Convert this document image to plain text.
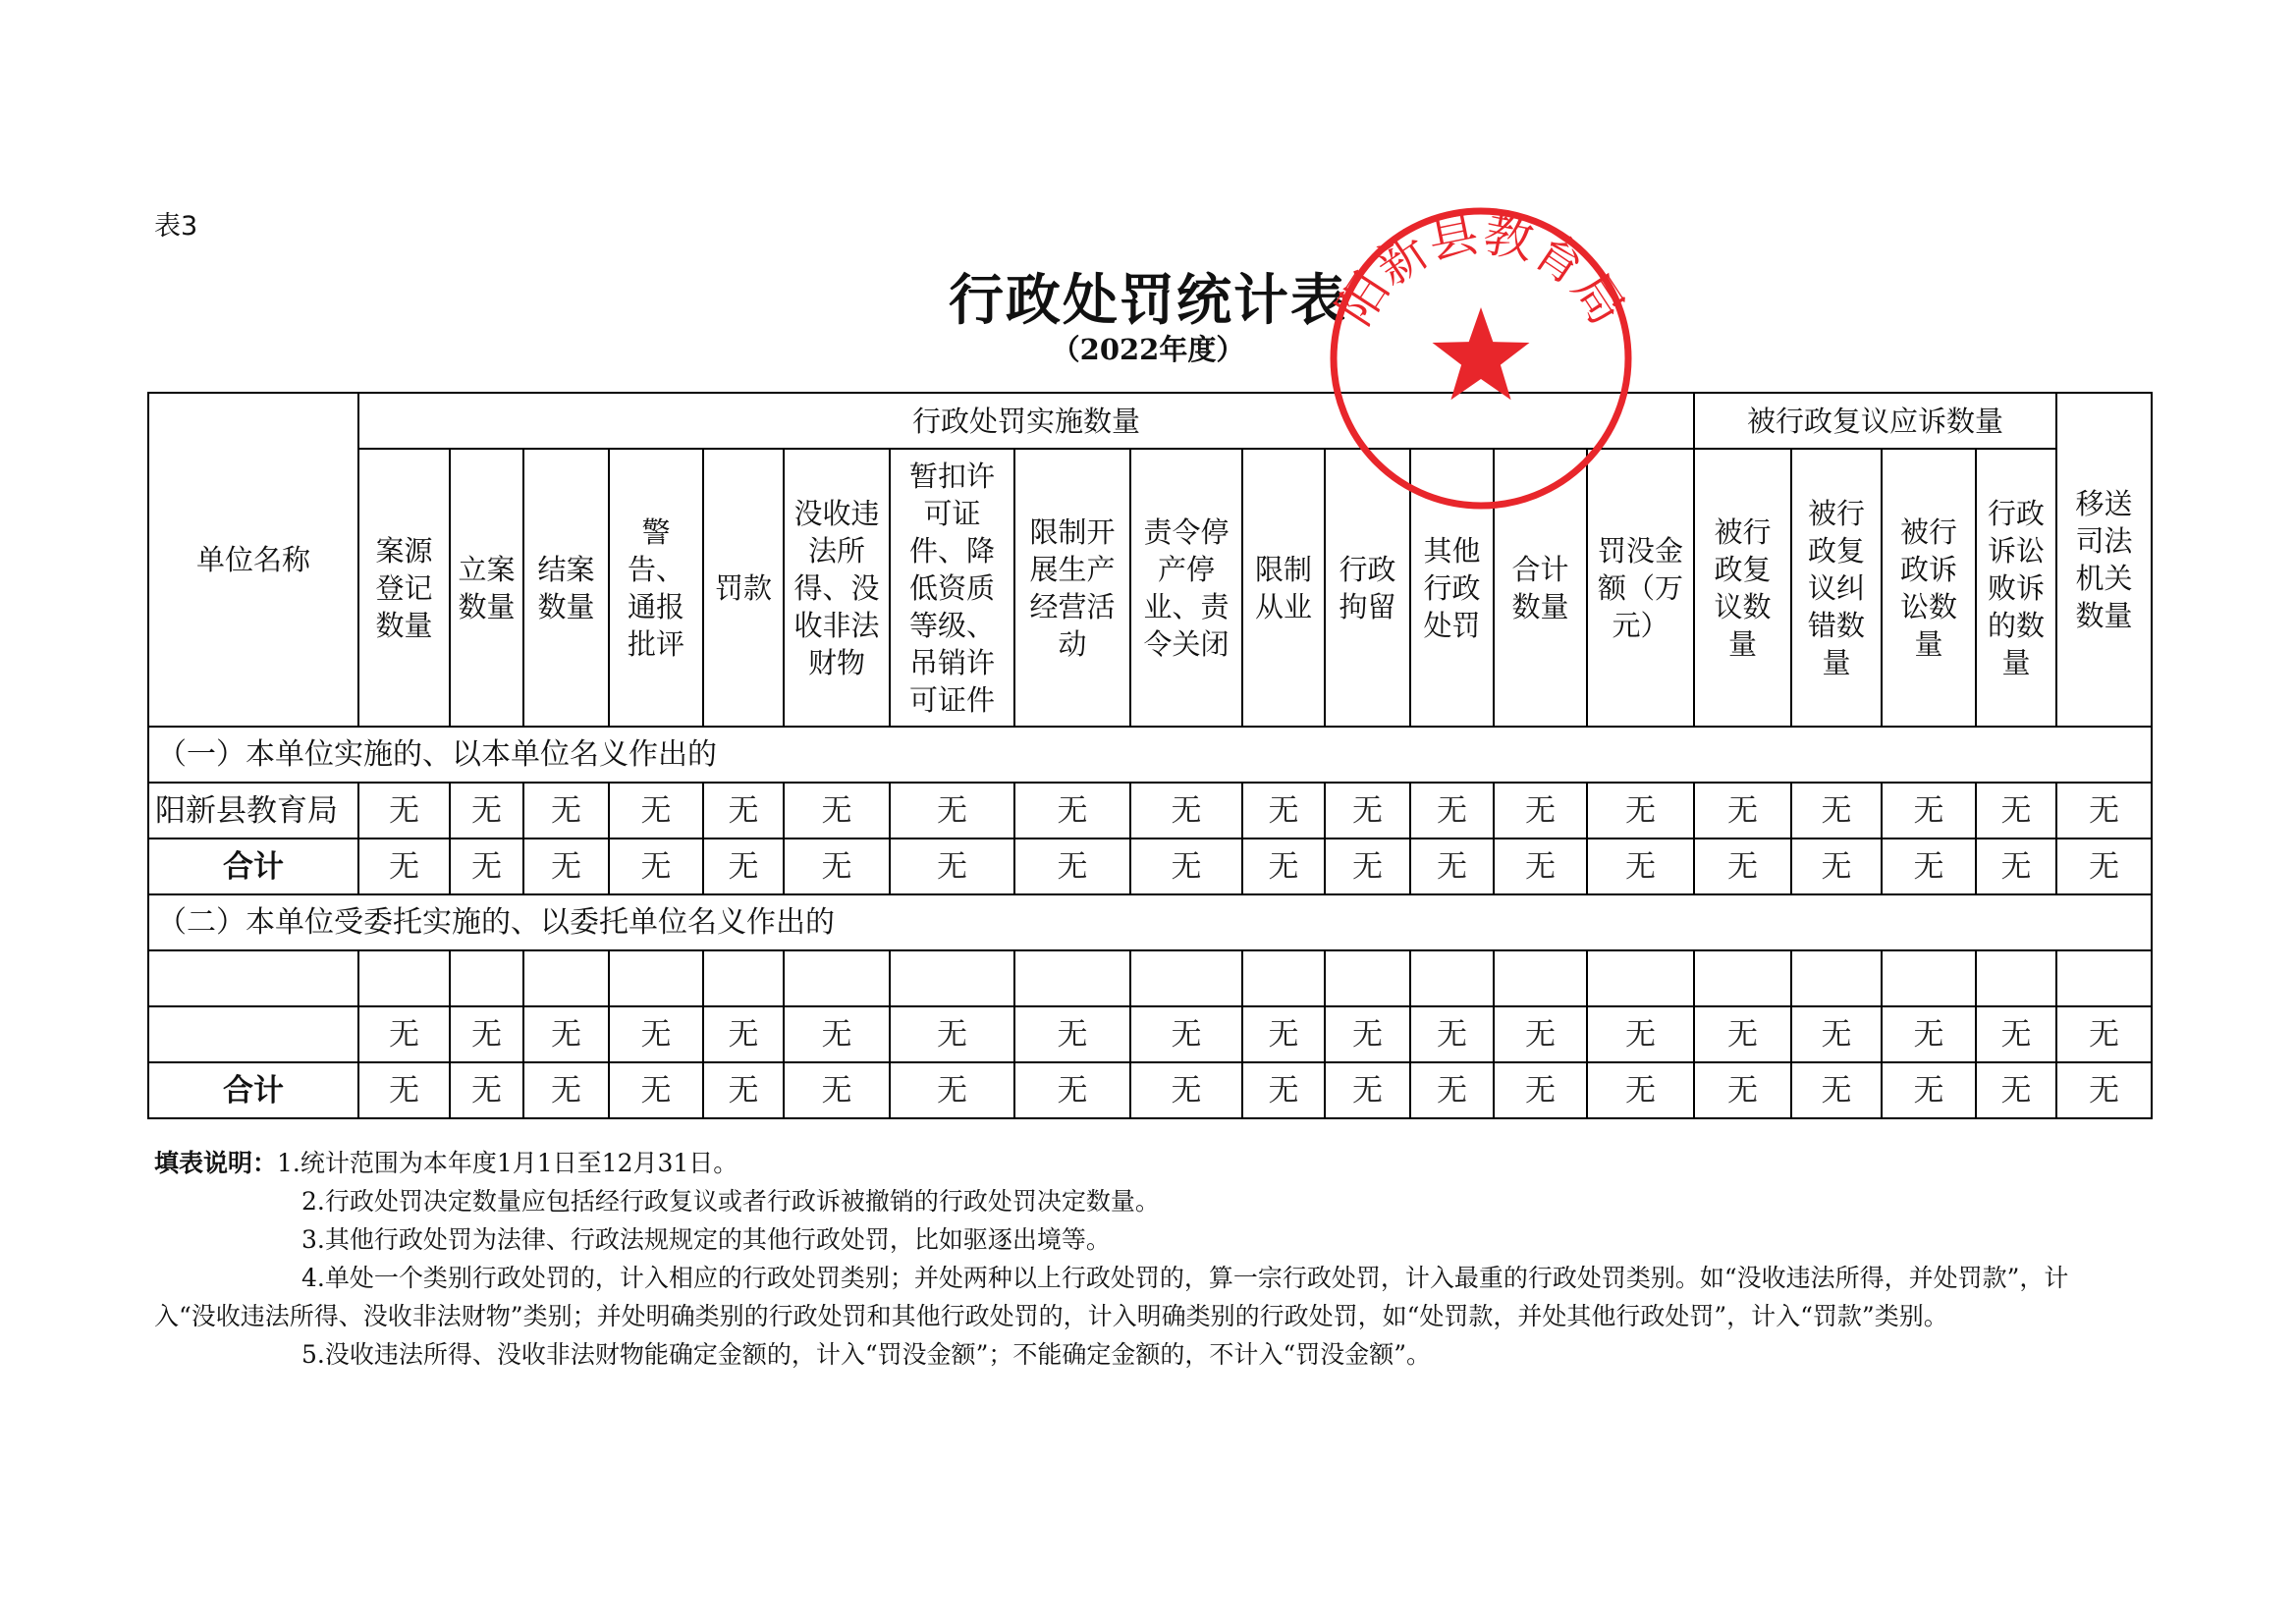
表3
行政处罚统计表
（2022年度）
单位名称	行政处罚实施数量														被行政复议应诉数量				移送司法机关数量
	案源登记数量	立案数量	结案数量	警告、通报批评	罚款	没收违法所得、没收非法财物	暂扣许可证件、降低资质等级、吊销许可证件	限制开展生产经营活动	责令停产停业、责令关闭	限制从业	行政拘留	其他行政处罚	合计数量	罚没金额（万元）	被行政复议数量	被行政复议纠错数量	被行政诉讼数量	行政诉讼败诉的数量	
（一）本单位实施的、以本单位名义作出的																			
阳新县教育局	无	无	无	无	无	无	无	无	无	无	无	无	无	无	无	无	无	无	无
合计	无	无	无	无	无	无	无	无	无	无	无	无	无	无	无	无	无	无	无
（二）本单位受委托实施的、以委托单位名义作出的																			

	无	无	无	无	无	无	无	无	无	无	无	无	无	无	无	无	无	无	无
合计	无	无	无	无	无	无	无	无	无	无	无	无	无	无	无	无	无	无	无

填表说明：1.统计范围为本年度1月1日至12月31日。

2.行政处罚决定数量应包括经行政复议或者行政诉被撤销的行政处罚决定数量。

3.其他行政处罚为法律、行政法规规定的其他行政处罚，比如驱逐出境等。

4.单处一个类别行政处罚的，计入相应的行政处罚类别；并处两种以上行政处罚的，算一宗行政处罚，计入最重的行政处罚类别。如“没收违法所得，并处罚款”，计入“没收违法所得、没收非法财物”类别；并处明确类别的行政处罚和其他行政处罚的，计入明确类别的行政处罚，如“处罚款，并处其他行政处罚”，计入“罚款”类别。

5.没收违法所得、没收非法财物能确定金额的，计入“罚没金额”；不能确定金额的，不计入“罚没金额”。

阳新县教育局
